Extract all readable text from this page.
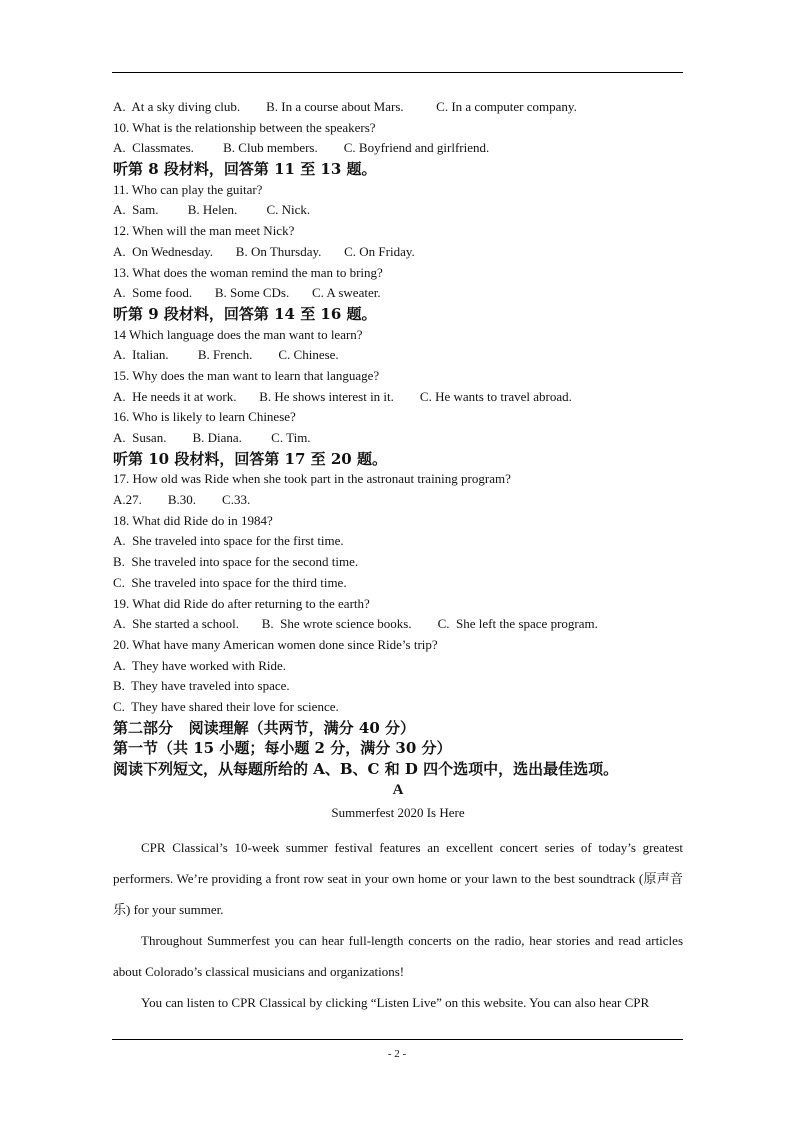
A.  At a sky diving club.        B. In a course about Mars.          C. In a computer company.
10. What is the relationship between the speakers?
A.  Classmates.         B. Club members.        C. Boyfriend and girlfriend.
听第 8 段材料，回答第 11 至 13 题。
11. Who can play the guitar?
A.  Sam.         B. Helen.         C. Nick.
12. When will the man meet Nick?
A.  On Wednesday.       B. On Thursday.       C. On Friday.
13. What does the woman remind the man to bring?
A.  Some food.       B. Some CDs.       C. A sweater.
听第 9 段材料，回答第 14 至 16 题。
14 Which language does the man want to learn?
A.  Italian.         B. French.        C. Chinese.
15. Why does the man want to learn that language?
A.  He needs it at work.       B. He shows interest in it.        C. He wants to travel abroad.
16. Who is likely to learn Chinese?
A.  Susan.        B. Diana.         C. Tim.
听第 10 段材料，回答第 17 至 20 题。
17. How old was Ride when she took part in the astronaut training program?
A.27.        B.30.        C.33.
18. What did Ride do in 1984?
A.  She traveled into space for the first time.
B.  She traveled into space for the second time.
C.  She traveled into space for the third time.
19. What did Ride do after returning to the earth?
A.  She started a school.       B.  She wrote science books.        C.  She left the space program.
20. What have many American women done since Ride’s trip?
A.  They have worked with Ride.
B.  They have traveled into space.
C.  They have shared their love for science.
第二部分   阅读理解（共两节，满分 40 分）
第一节（共 15 小题；每小题 2 分，满分 30 分）
阅读下列短文，从每题所给的 A、B、C 和 D 四个选项中，选出最佳选项。
A
Summerfest 2020 Is Here

CPR Classical’s 10-week summer festival features an excellent concert series of today’s greatest performers. We’re providing a front row seat in your own home or your lawn to the best soundtrack (原声音乐) for your summer.

Throughout Summerfest you can hear full-length concerts on the radio, hear stories and read articles about Colorado’s classical musicians and organizations!

You can listen to CPR Classical by clicking “Listen Live” on this website. You can also hear CPR

- 2 -
